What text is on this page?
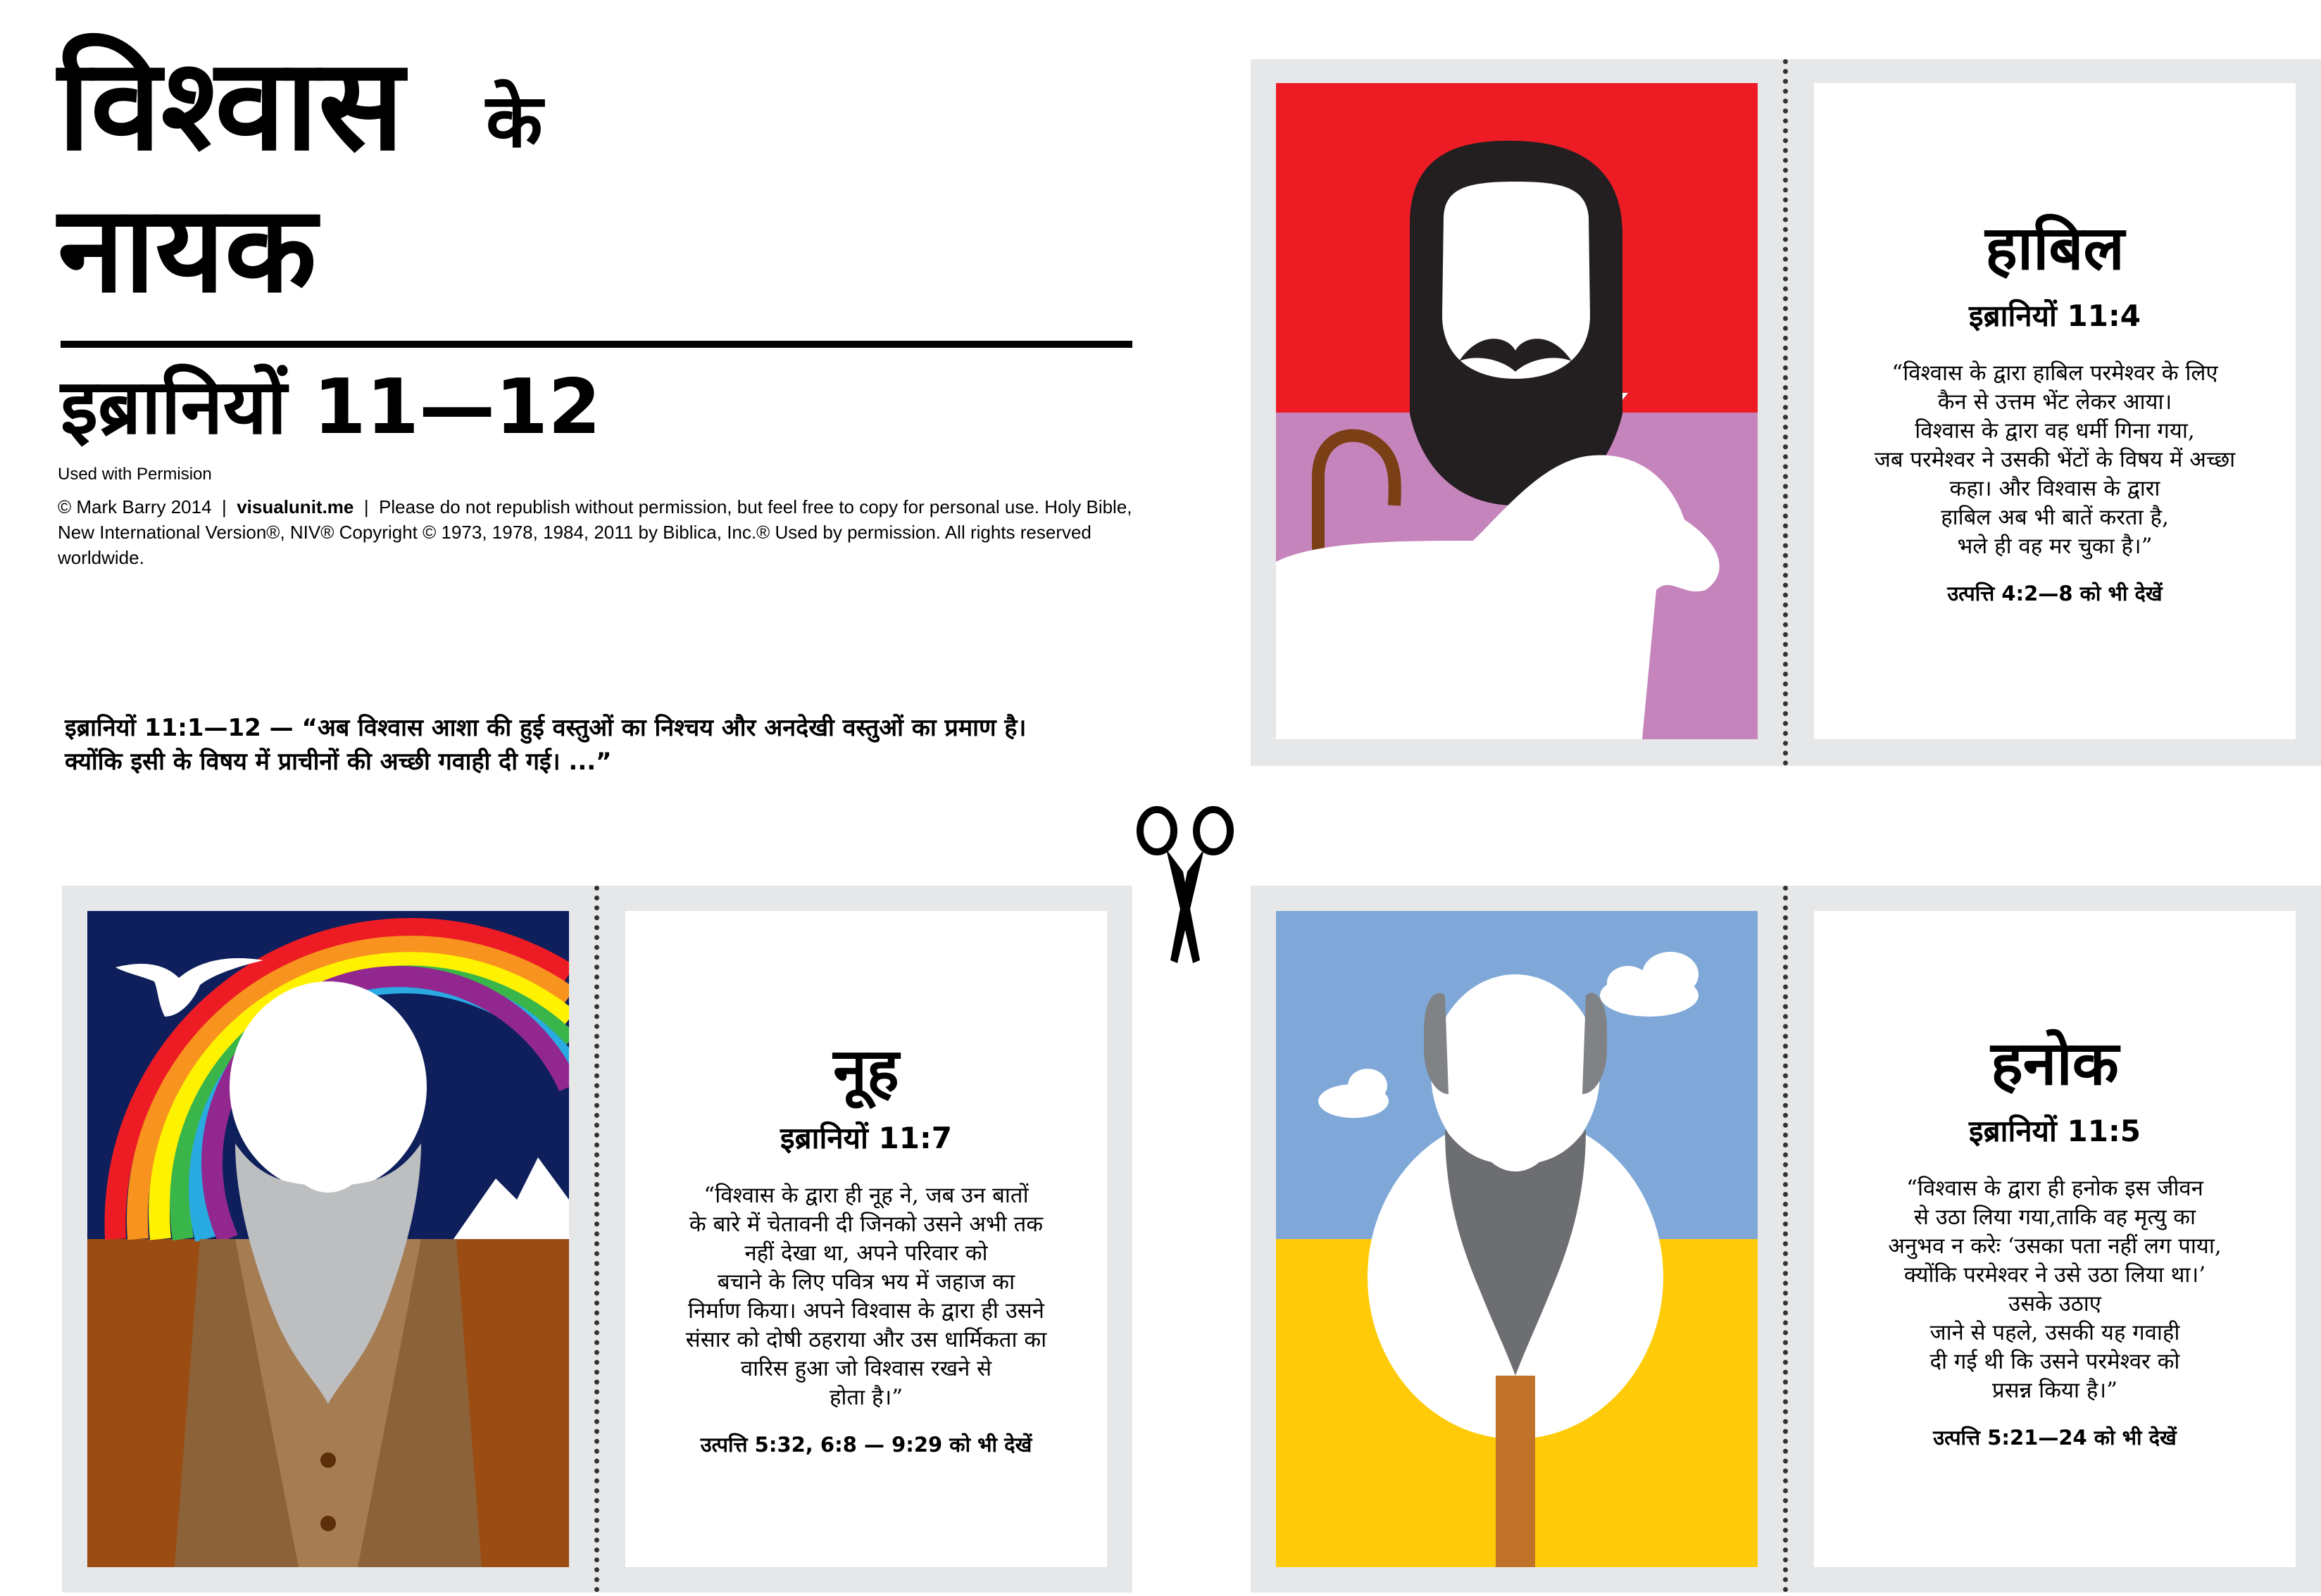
विश्वास के
नायक
इब्रानियों 11—12
Used with Permision
© Mark Barry 2014  |  visualunit.me  |  Please do not republish without permission, but feel free to copy for personal use. Holy Bible, New International Version®, NIV® Copyright © 1973, 1978, 1984, 2011 by Biblica, Inc.® Used by permission. All rights reserved worldwide.
इब्रानियों 11:1—12 — “अब विश्वास आशा की हुई वस्तुओं का निश्चय और अनदेखी वस्तुओं का प्रमाण है। क्योंकि इसी के विषय में प्राचीनों की अच्छी गवाही दी गई। ...”
हाबिल
इब्रानियों 11:4
“विश्वास के द्वारा हाबिल परमेश्वर के लिए
कैन से उत्तम भेंट लेकर आया।
विश्वास के द्वारा वह धर्मी गिना गया,
जब परमेश्वर ने उसकी भेंटों के विषय में अच्छा
कहा। और विश्वास के द्वारा
हाबिल अब भी बातें करता है,
भले ही वह मर चुका है।”
उत्पत्ति 4:2—8 को भी देखें
नूह
इब्रानियों 11:7
“विश्वास के द्वारा ही नूह ने, जब उन बातों
के बारे में चेतावनी दी जिनको उसने अभी तक
नहीं देखा था, अपने परिवार को
बचाने के लिए पवित्र भय में जहाज का
निर्माण किया। अपने विश्वास के द्वारा ही उसने
संसार को दोषी ठहराया और उस धार्मिकता का
वारिस हुआ जो विश्वास रखने से
होता है।”
उत्पत्ति 5:32, 6:8 — 9:29 को भी देखें
हनोक
इब्रानियों 11:5
“विश्वास के द्वारा ही हनोक इस जीवन
से उठा लिया गया,ताकि वह मृत्यु का
अनुभव न करेः ‘उसका पता नहीं लग पाया,
क्योंकि परमेश्वर ने उसे उठा लिया था।’
उसके उठाए
जाने से पहले, उसकी यह गवाही
दी गई थी कि उसने परमेश्वर को
प्रसन्न किया है।”
उत्पत्ति 5:21—24 को भी देखें
